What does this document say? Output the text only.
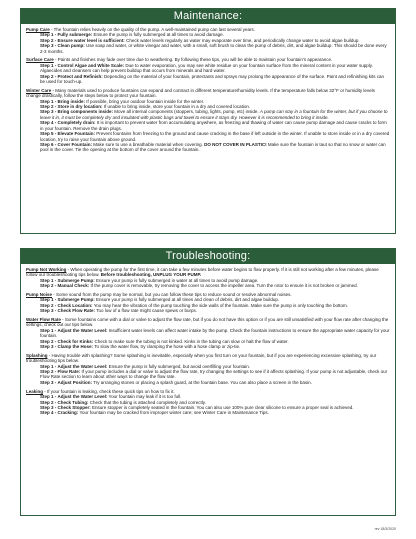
Maintenance:

Pump Care - The fountain relies heavily on the quality of the pump. A well-maintained pump can last several years.

Step 1 - Fully submerge: Ensure the pump is fully submerged at all times to avoid damage.

Step 2 - Ensure water level is sufficient: Check water levels regularly as water may evaporate over time, and periodically change water to avoid algae buildup.

Step 3 - Clean pump: Use soap and water, or white vinegar and water, with a small, soft brush to clean the pump of debris, dirt, and algae buildup. This should be done every 2-3 months.

Surface Care - Paints and finishes may fade over time due to weathering. By following these tips, you will be able to maintain your fountain's appearance.

Step 1 - Control Algae and White Scale: Due to water evaporation, you may see white residue on your fountain surface from the mineral content in your water supply. Algaecides and cleansers can help prevent buildup that occurs from minerals and hard water.

Step 2 - Protect and Refinish: Depending on the material of your fountain, protectants and sprays may prolong the appearance of the surface. Paint and refinishing kits can be used for touch-up.

Winter Care - Many materials used to produce fountains can expand and contract in different temperature/humidity levels. If the temperature falls below 32°F or humidity levels change drastically, follow the steps below to protect your fountain.

Step 1 - Bring inside: If possible, bring your outdoor fountain inside for the winter.

Step 2 - Store in dry location: If unable to bring inside, store your fountain in a dry and covered location.

Step 3 - Bring components inside: Move all internal components (stoppers, tubing, lights, pump, etc) inside. A pump can stay in a fountain for the winter, but if you choose to leave it in, it must be completely dry and insulated with plastic bags and towel to ensure it stays dry. However it is recommended to bring it inside.

Step 4 - Completely drain: It is important to prevent water from accumulating anywhere, as freezing and thawing of water can cause pump damage and cause cracks to form in your fountain. Remove the drain plugs.

Step 5 - Elevate Fountain: Prevent fountains from freezing to the ground and cause cracking in the base if left outside in the winter. If unable to store inside or in a dry covered location, try to raise your fountain above ground.

Step 6 - Cover Fountain: Make sure to use a breathable material when covering. DO NOT COVER IN PLASTIC! Make sure the fountain is taut so that no snow or water can pool in the cover. Tie the opening at the bottom of the cover around the fountain.

Troubleshooting:

Pump Not Working - When operating the pump for the first time, it can take a few minutes before water begins to flow properly. If it is still not working after a few minutes, please follow our troubleshooting tips below. Before troubleshooting, UNPLUG YOUR PUMP.

Step 1 - Submerge Pump: Ensure your pump is fully submerged in water at all times to avoid pump damage.

Step 2 - Manual Check: If the pump cover is removable, try removing the cover to access the impeller area. Turn the rotor to ensure it is not broken or jammed.

Pump Noise - Some sound from the pump may be normal, but you can follow these tips to reduce sound or resolve abnormal noises.

Step 1 - Submerge Pump: Ensure your pump is fully submerged at all times and clean of debris, dirt and algae buildup.

Step 2 - Check Location: You may hear the vibration of the pump touching the side walls of the fountain. Make sure the pump is only touching the bottom.

Step 3 - Check Flow Rate: Too low of a flow rate might cause spews or burps.

Water Flow Rate - Some fountains come with a dial or valve to adjust the flow rate, but if you do not have this option or if you are still unsatisfied with your flow rate after changing the settings, check out our tips below.

Step 1 - Adjust the Water Level: Insufficient water levels can affect water intake by the pump. Check the fountain instructions to ensure the appropriate water capacity for your fountain.

Step 2 - Check for Kinks: Check to make sure the tubing is not kinked. Kinks in the tubing can slow or halt the flow of water.

Step 3 - Clamp the Hose: To slow the water flow, try clamping the hose with a hose clamp or zip-tie.

Splashing - Having trouble with splashing? Some splashing is inevitable, especially when you first turn on your fountain, but if you are experiencing excessive splashing, try our troubleshooting tips below.

Step 1 - Adjust the Water Level: Ensure the pump is fully submerged, but avoid overfilling your fountain.

Step 2 - Flow Rate: If your pump includes a dial or valve to adjust the flow rate, try changing the settings to see if it affects splashing. If your pump is not adjustable, check our Flow Rate section to learn about other ways to change the flow rate.

Step 3 - Adjust Position: Try arranging stones or placing a splash guard, at the fountain base. You can also place a screen in the basin.

Leaking - If your fountain is leaking, check these quick tips on how to fix it.

Step 1 - Adjust the Water Level: Your fountain may leak if it is too full.

Step 2 - Check Tubing: Check that the tubing is attached completely and correctly.

Step 3 - Check Stopper: Ensure stopper is completely seated in the fountain. You can also use 100% pure clear silicone to ensure a proper seal is achieved.

Step 4 - Cracking: Your fountain may be cracked from improper winter care; see Winter Care in Maintenance Tips.

rev 18/3/2020
